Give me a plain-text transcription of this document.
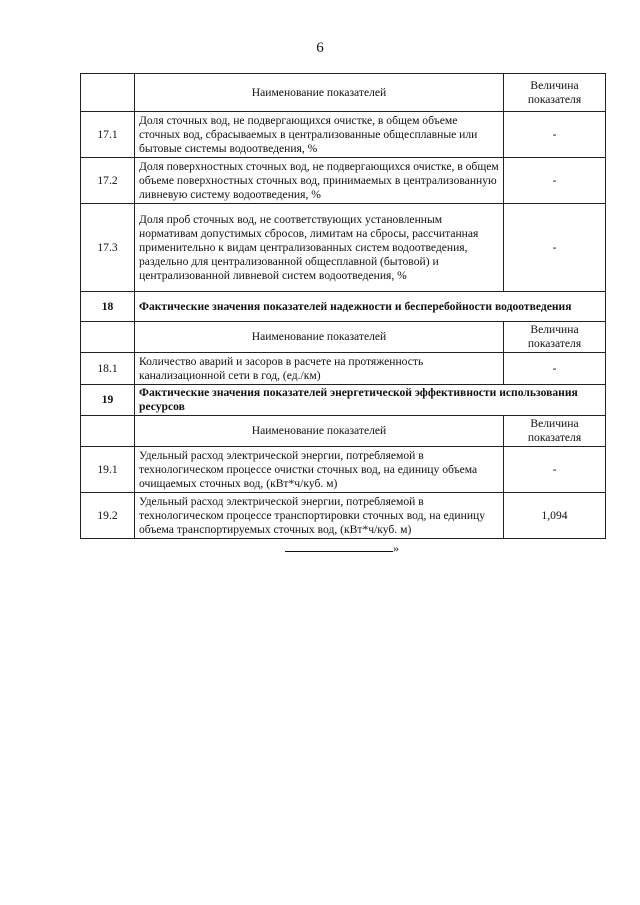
6
	Наименование показателей	Величина показателя
17.1	Доля сточных вод, не подвергающихся очистке, в общем объеме сточных вод, сбрасываемых в централизованные общесплавные или бытовые системы водоотведения, %	-
17.2	Доля поверхностных сточных вод, не подвергающихся очистке, в общем объеме поверхностных сточных вод, принимаемых в централизованную ливневую систему водоотведения, %	-
17.3	Доля проб сточных вод, не соответствующих установленным нормативам допустимых сбросов, лимитам на сбросы, рассчитанная применительно к видам централизованных систем водоотведения, раздельно для централизованной общесплавной (бытовой) и централизованной ливневой систем водоотведения, %	-
18	Фактические значения показателей надежности и бесперебойности водоотведения	
	Наименование показателей	Величина показателя
18.1	Количество аварий и засоров в расчете на протяженность канализационной сети в год, (ед./км)	-
19	Фактические значения показателей энергетической эффективности использования ресурсов	
	Наименование показателей	Величина показателя
19.1	Удельный расход электрической энергии, потребляемой в технологическом процессе очистки сточных вод, на единицу объема очищаемых сточных вод, (кВт*ч/куб. м)	-
19.2	Удельный расход электрической энергии, потребляемой в технологическом процессе транспортировки сточных вод, на единицу объема транспортируемых сточных вод, (кВт*ч/куб. м)	1,094
»
